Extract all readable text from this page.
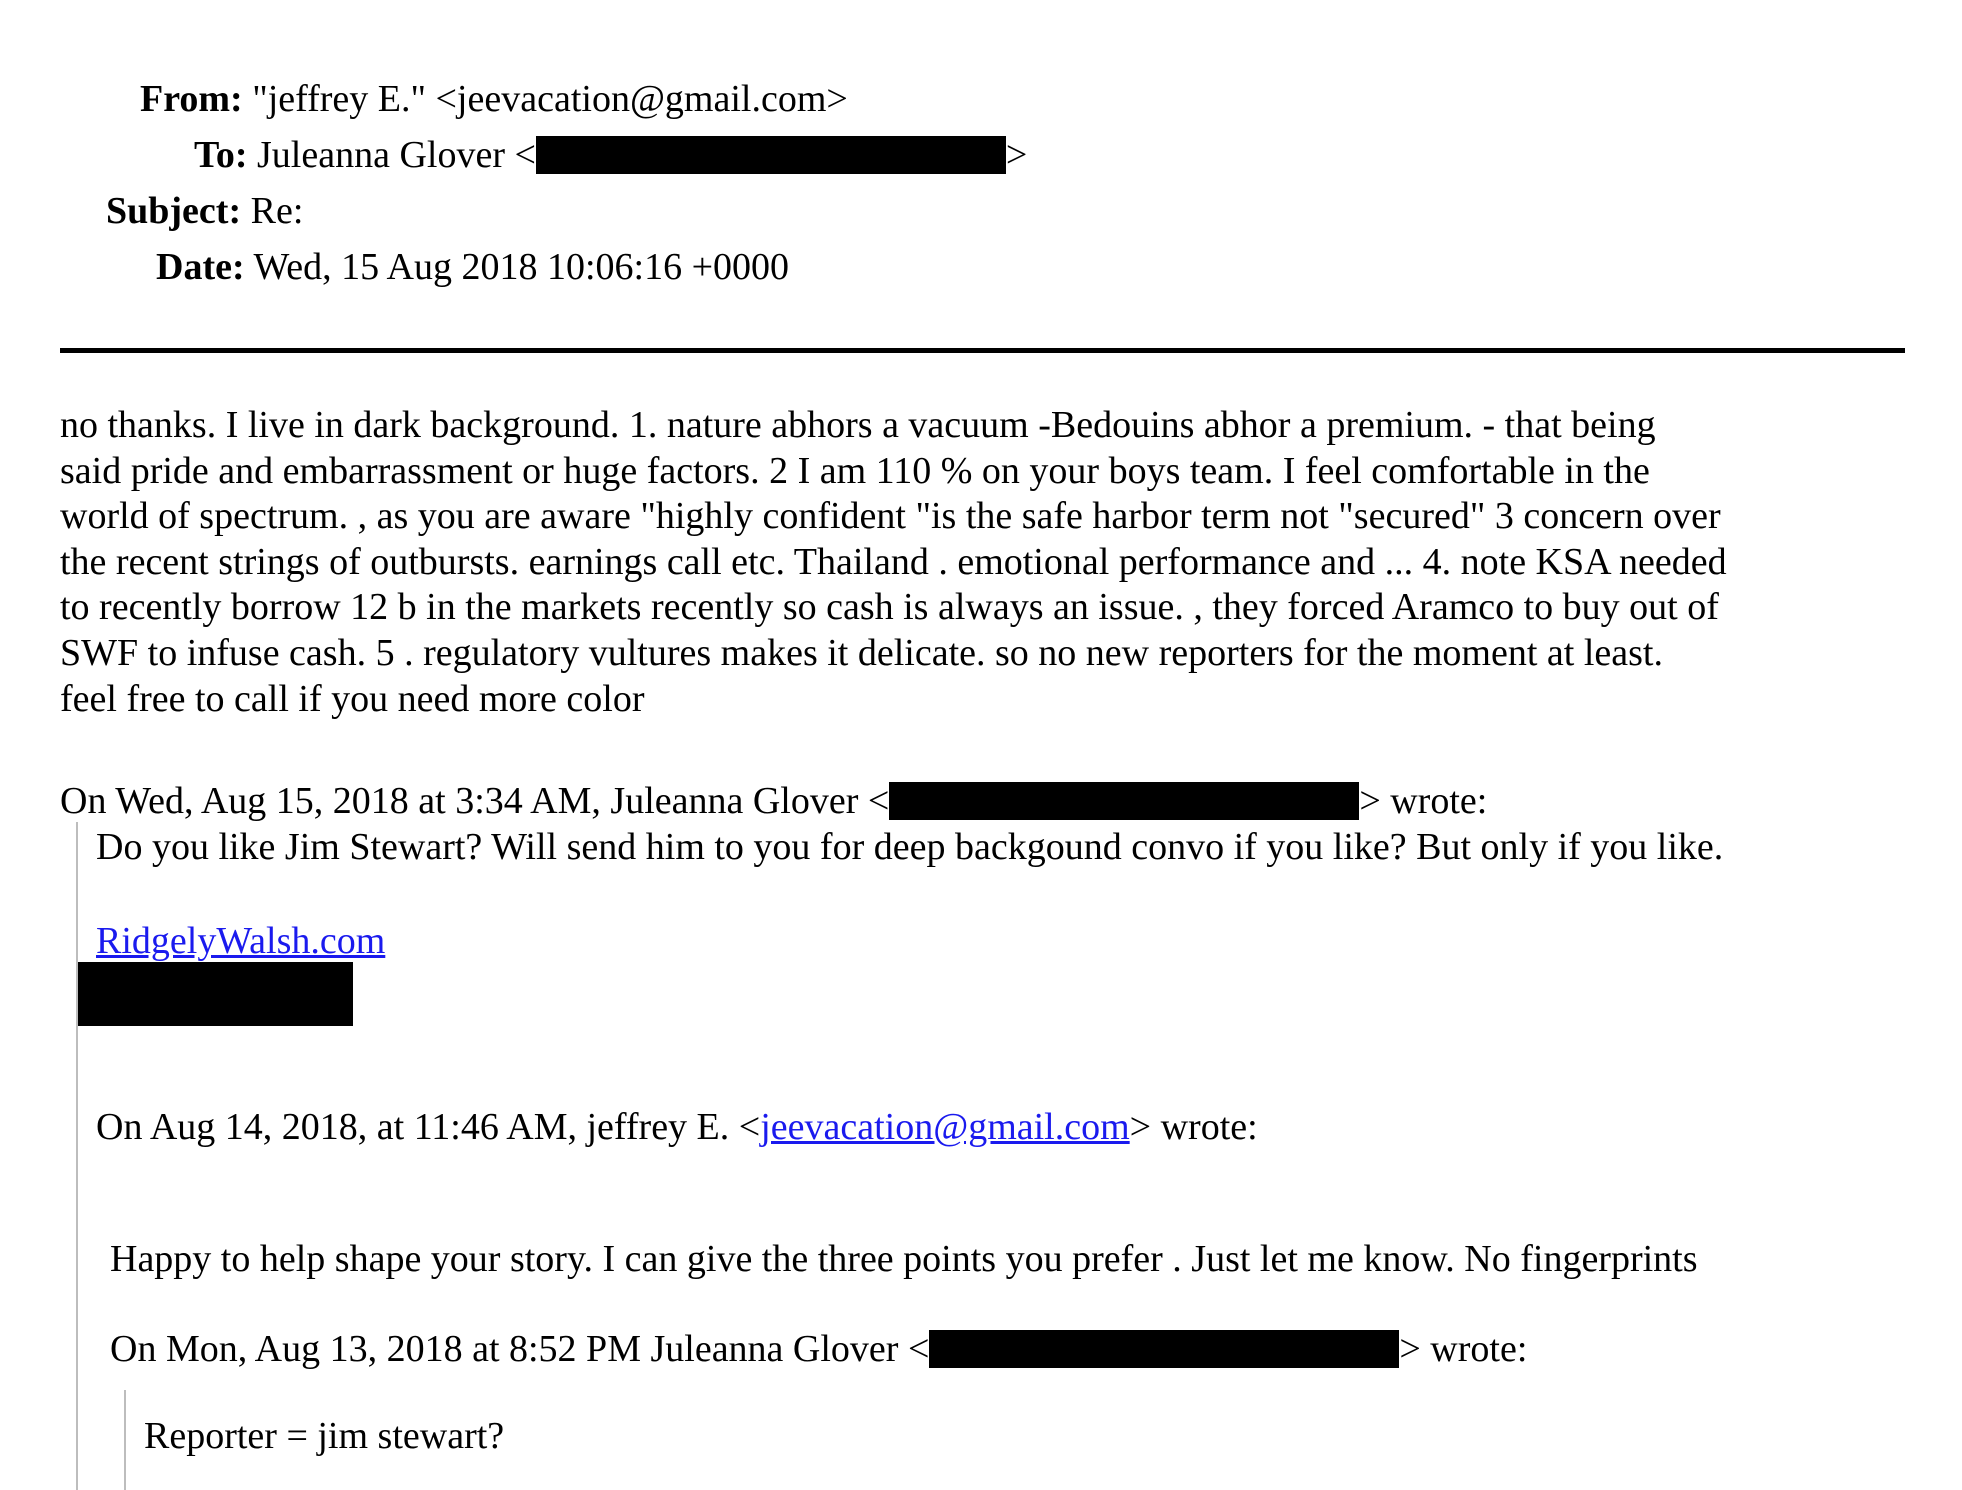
From: "jeffrey E." <jeevacation@gmail.com>
To: Juleanna Glover <	>
Subject: Re:
Date: Wed, 15 Aug 2018 10:06:16 +0000

no thanks. I live in dark background. 1. nature abhors a vacuum -Bedouins abhor a premium. - that being

said pride and embarrassment or huge factors. 2 I am 110 % on your boys team. I feel comfortable in the

world of spectrum. , as you are aware "highly confident "is the safe harbor term not "secured" 3 concern over

the recent strings of outbursts. earnings call etc. Thailand . emotional performance and ... 4. note KSA needed

to recently borrow 12 b in the markets recently so cash is always an issue. , they forced Aramco to buy out of

SWF to infuse cash. 5 . regulatory vultures makes it delicate. so no new reporters for the moment at least.

feel free to call if you need more color

On Wed, Aug 15, 2018 at 3:34 AM, Juleanna Glover <	> wrote:
Do you like Jim Stewart? Will send him to you for deep backgound convo if you like? But only if you like.
RidgelyWalsh.com
On Aug 14, 2018, at 11:46 AM, jeffrey E. <jeevacation@gmail.com> wrote:
Happy to help shape your story. I can give the three points you prefer . Just let me know. No fingerprints
On Mon, Aug 13, 2018 at 8:52 PM Juleanna Glover <	> wrote:
Reporter = jim stewart?
